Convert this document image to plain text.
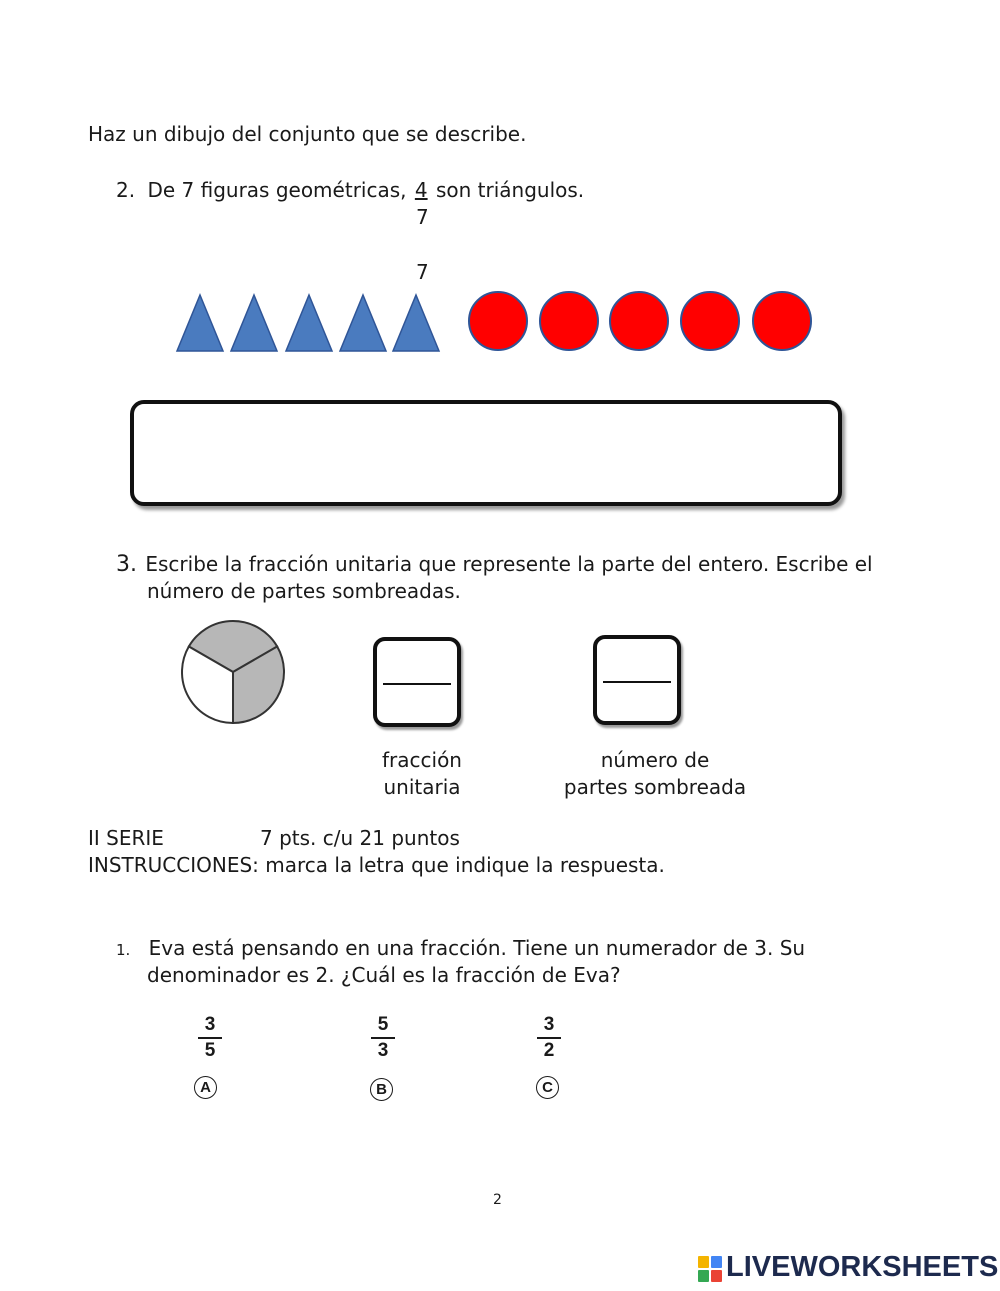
Haz un dibujo del conjunto que se describe.
2. De 7 figuras geométricas, 4 son triángulos.
7
7
3. Escribe la fracción unitaria que represente la parte del entero. Escribe el
número de partes sombreadas.
fracción
unitaria
número de
partes sombreada
II SERIE	7 pts. c/u 21 puntos
INSTRUCCIONES: marca la letra que indique la respuesta.
1. Eva está pensando en una fracción. Tiene un numerador de 3. Su
denominador es 2. ¿Cuál es la fracción de Eva?
3
5
A
5
3
B
3
2
C
2
LIVEWORKSHEETS
